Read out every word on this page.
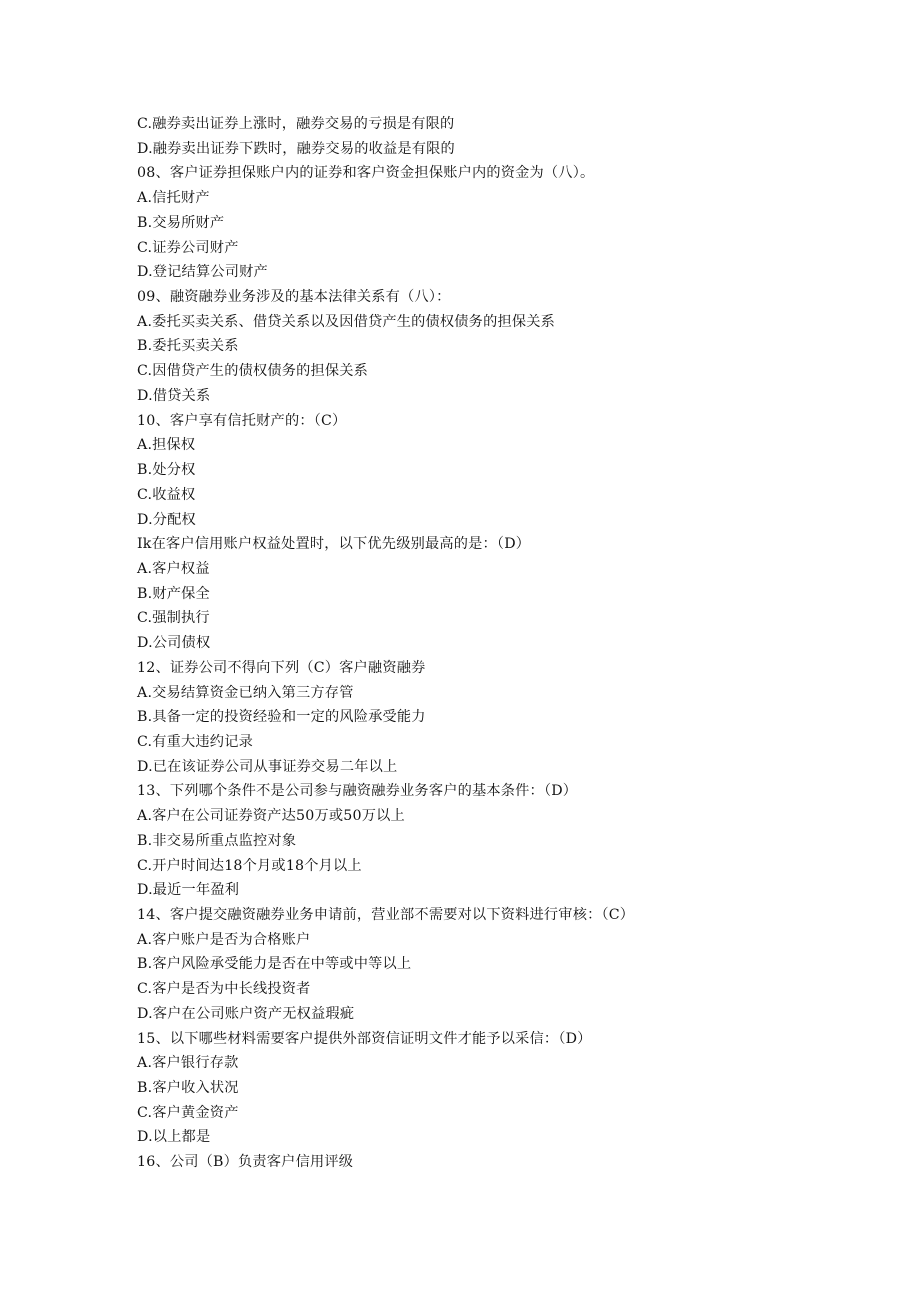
C.融券卖出证券上涨时，融券交易的亏损是有限的
D.融券卖出证券下跌时，融券交易的收益是有限的
08、客户证券担保账户内的证券和客户资金担保账户内的资金为（八）。
A.信托财产
B.交易所财产
C.证券公司财产
D.登记结算公司财产
09、融资融券业务涉及的基本法律关系有（八）：
A.委托买卖关系、借贷关系以及因借贷产生的债权债务的担保关系
B.委托买卖关系
C.因借贷产生的债权债务的担保关系
D.借贷关系
10、客户享有信托财产的：（C）
A.担保权
B.处分权
C.收益权
D.分配权
Ik在客户信用账户权益处置时，以下优先级别最高的是：（D）
A.客户权益
B.财产保全
C.强制执行
D.公司债权
12、证券公司不得向下列（C）客户融资融券
A.交易结算资金已纳入第三方存管
B.具备一定的投资经验和一定的风险承受能力
C.有重大违约记录
D.已在该证券公司从事证券交易二年以上
13、下列哪个条件不是公司参与融资融券业务客户的基本条件：（D）
A.客户在公司证券资产达50万或50万以上
B.非交易所重点监控对象
C.开户时间达18个月或18个月以上
D.最近一年盈利
14、客户提交融资融券业务申请前，营业部不需要对以下资料进行审核：（C）
A.客户账户是否为合格账户
B.客户风险承受能力是否在中等或中等以上
C.客户是否为中长线投资者
D.客户在公司账户资产无权益瑕疵
15、以下哪些材料需要客户提供外部资信证明文件才能予以采信：（D）
A.客户银行存款
B.客户收入状况
C.客户黄金资产
D.以上都是
16、公司（B）负责客户信用评级
